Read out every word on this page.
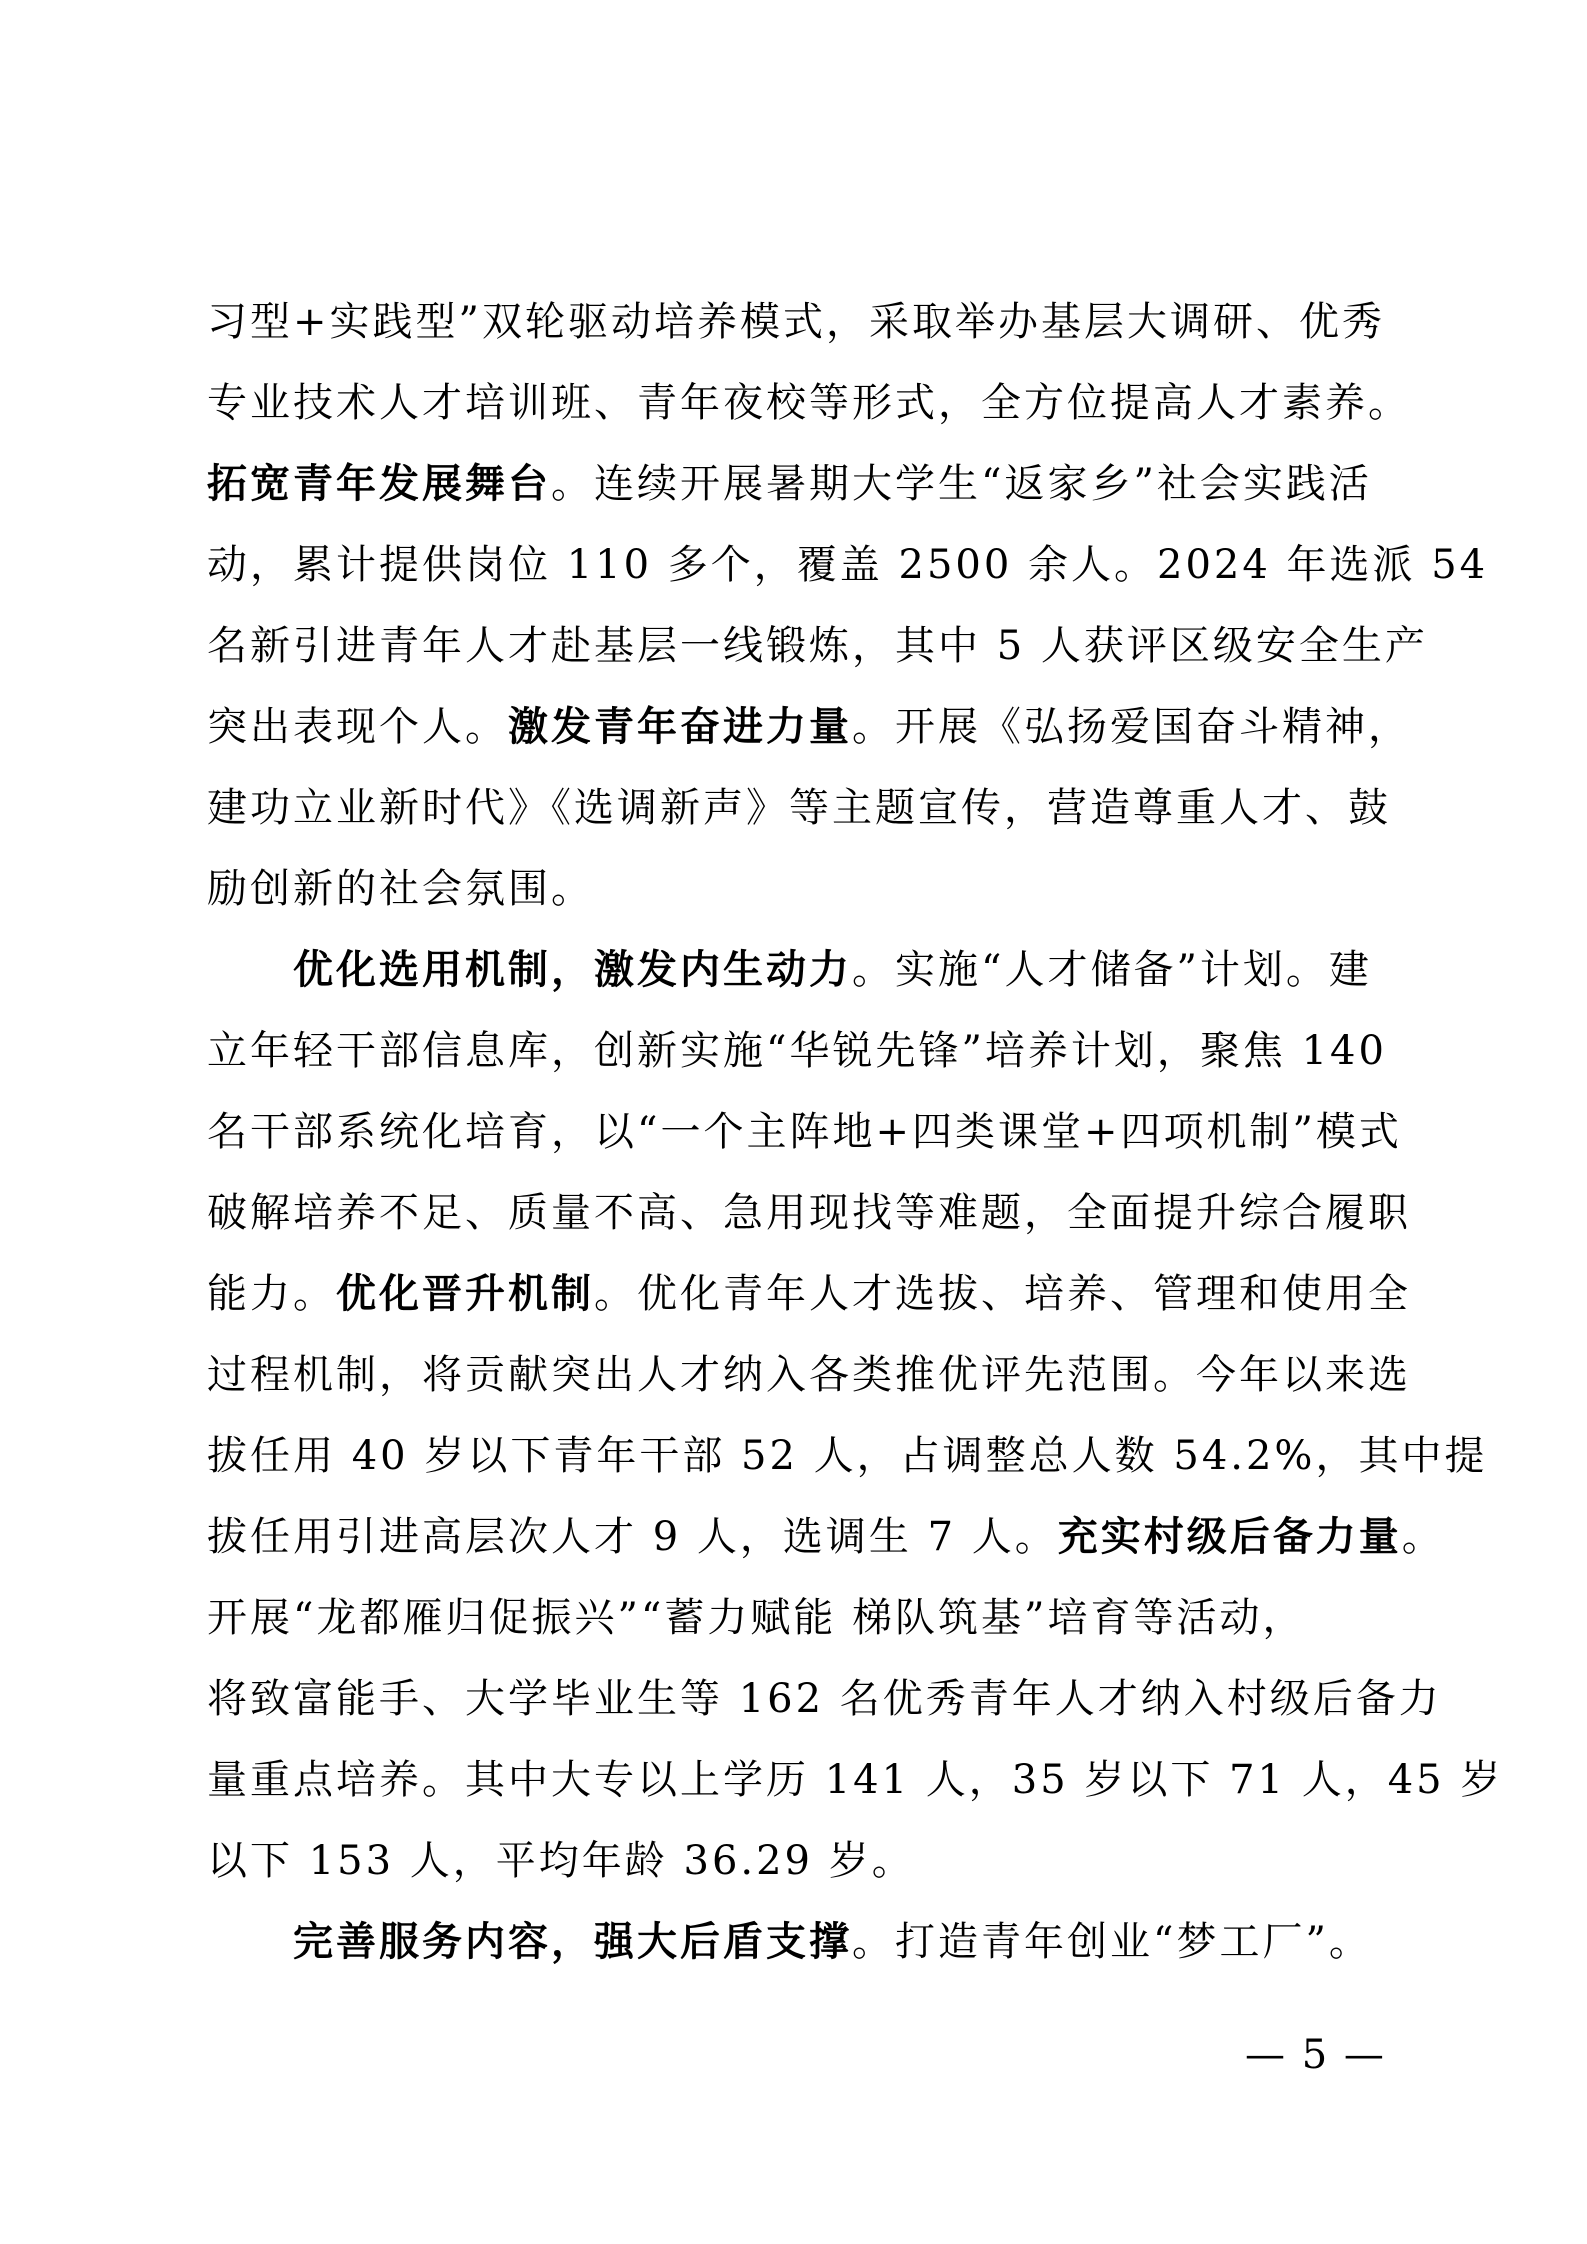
习型+实践型”双轮驱动培养模式，采取举办基层大调研、优秀
专业技术人才培训班、青年夜校等形式，全方位提高人才素养。
拓宽青年发展舞台。连续开展暑期大学生“返家乡”社会实践活
动，累计提供岗位 110 多个，覆盖 2500 余人。2024 年选派 54
名新引进青年人才赴基层一线锻炼，其中 5 人获评区级安全生产
突出表现个人。激发青年奋进力量。开展《弘扬爱国奋斗精神，
建功立业新时代》《选调新声》等主题宣传，营造尊重人才、鼓
励创新的社会氛围。
　　优化选用机制，激发内生动力。实施“人才储备”计划。建
立年轻干部信息库，创新实施“华锐先锋”培养计划，聚焦 140
名干部系统化培育，以“一个主阵地+四类课堂+四项机制”模式
破解培养不足、质量不高、急用现找等难题，全面提升综合履职
能力。优化晋升机制。优化青年人才选拔、培养、管理和使用全
过程机制，将贡献突出人才纳入各类推优评先范围。今年以来选
拔任用 40 岁以下青年干部 52 人，占调整总人数 54.2%，其中提
拔任用引进高层次人才 9 人，选调生 7 人。充实村级后备力量。
开展“龙都雁归促振兴”“蓄力赋能 梯队筑基”培育等活动，
将致富能手、大学毕业生等 162 名优秀青年人才纳入村级后备力
量重点培养。其中大专以上学历 141 人，35 岁以下 71 人，45 岁
以下 153 人，平均年龄 36.29 岁。
　　完善服务内容，强大后盾支撑。打造青年创业“梦工厂”。
— 5 —
